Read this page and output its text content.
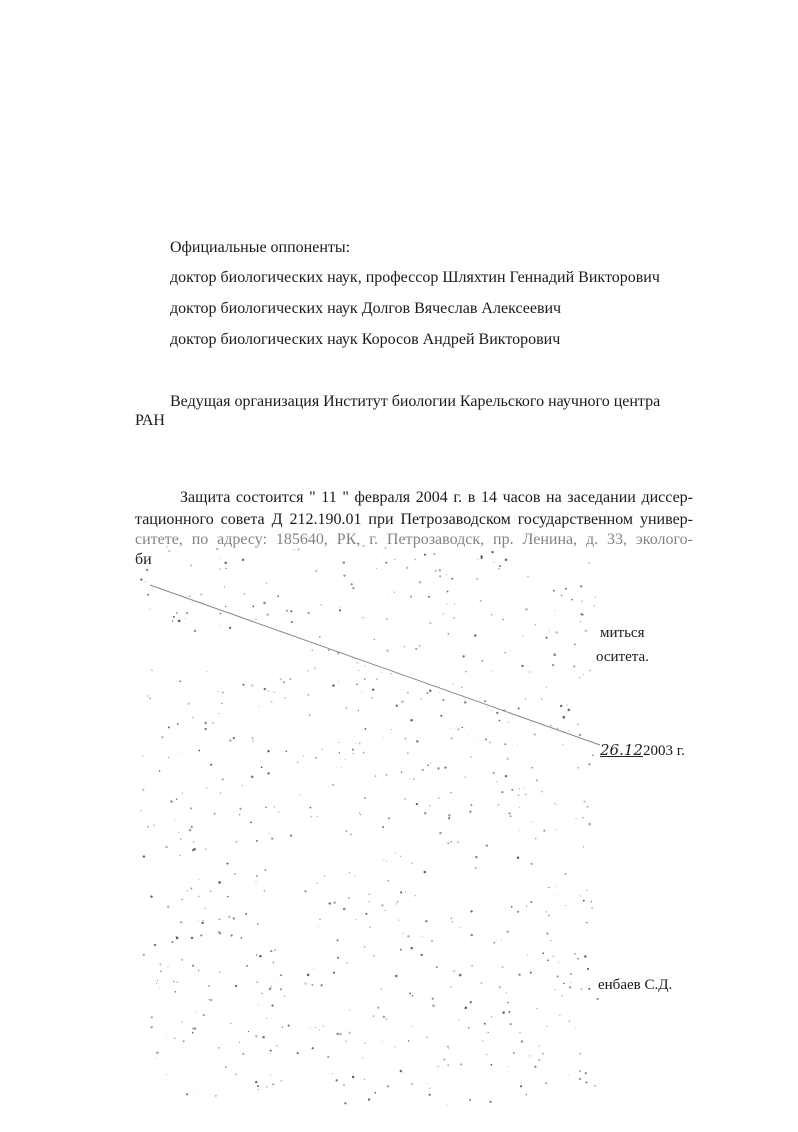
Официальные оппоненты:
доктор биологических наук, профессор Шляхтин Геннадий Викторович
доктор биологических наук Долгов Вячеслав Алексеевич
доктор биологических наук Коросов Андрей Викторович
Ведущая организация Институт биологии Карельского научного центра
РАН
Защита состоится " 11 " февраля 2004 г. в 14 часов на заседании диссер-
тационного совета Д 212.190.01 при Петрозаводском государственном универ-
ситете, по адресу: 185640, РК, г. Петрозаводск, пр. Ленина, д. 33, эколого-
би
миться
оситета.
26.122003 г.
енбаев С.Д.
